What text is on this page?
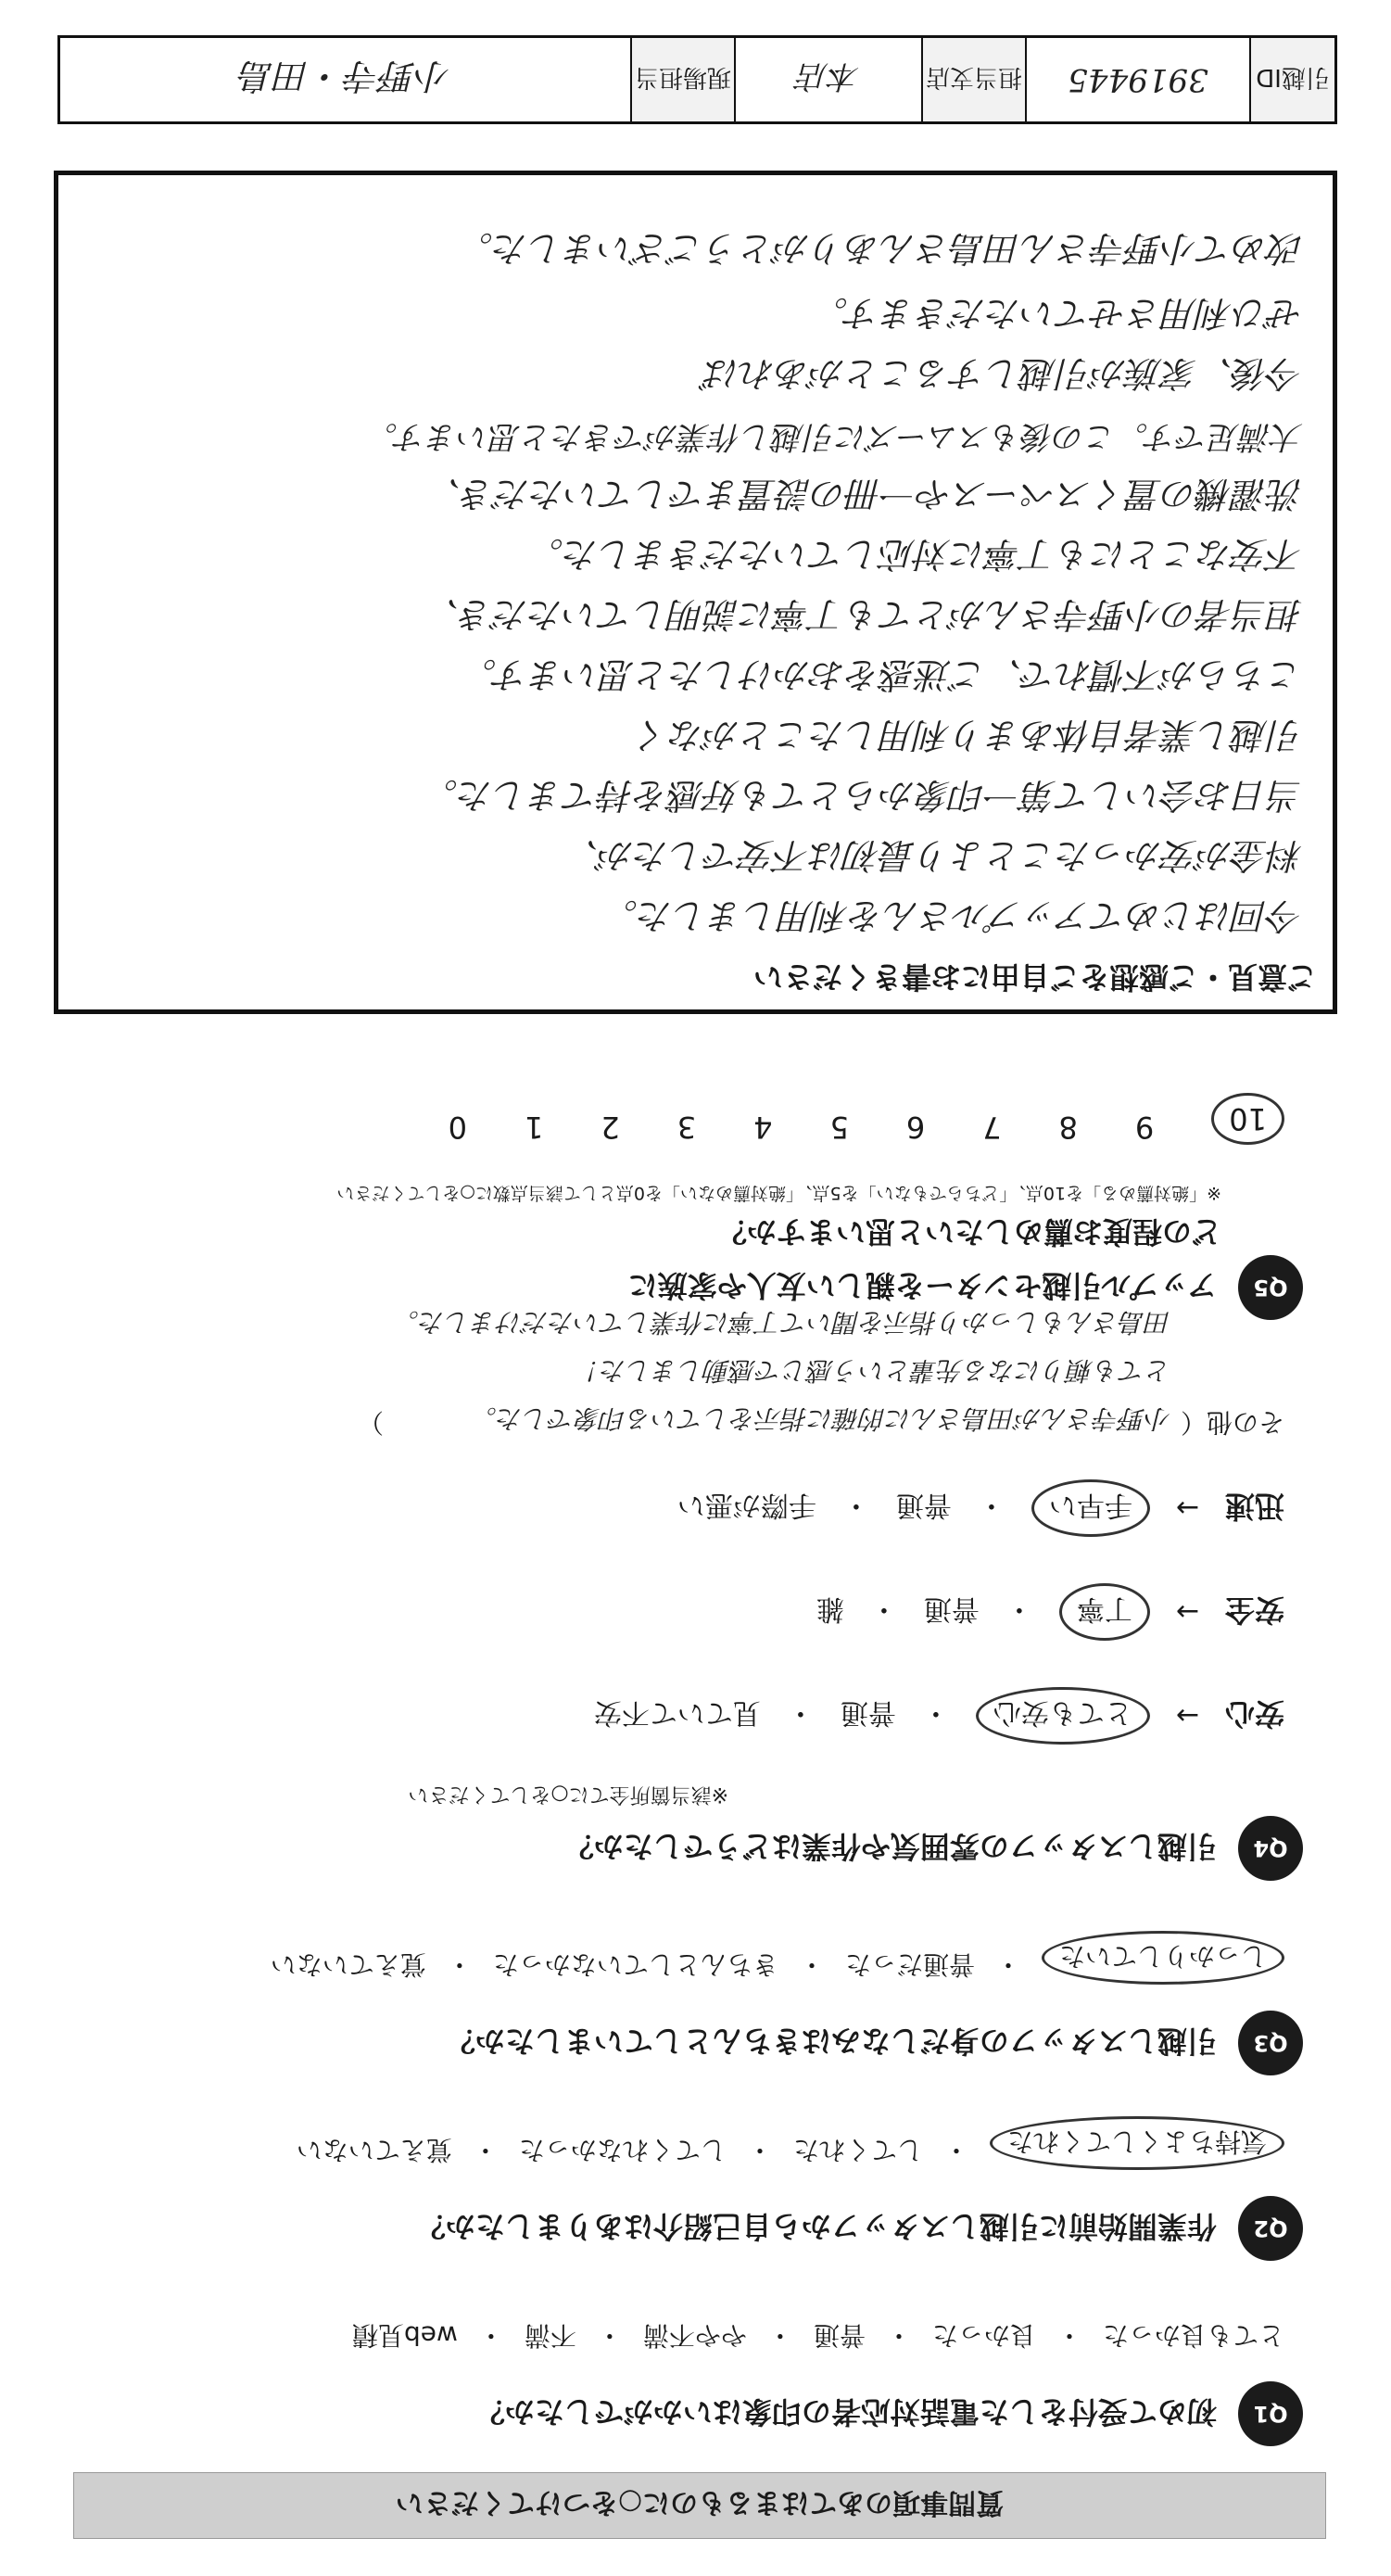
質問事項のあてはまるものに○をつけてください
Q1 初めて受付をした電話対応者の印象はいかがでしたか？
とても良かった
・
良かった
・
普通
・
やや不満
・
不満
・
web見積
Q2 作業開始前に引越しスタッフから自己紹介はありましたか？
気持ちよくしてくれた
・
してくれた
・
してくれなかった
・
覚えていない
Q3 引越しスタッフの身だしなみはきちんとしていましたか？
しっかりしていた
・
普通だった
・
きちんとしていなかった
・
覚えていない
Q4 引越しスタッフの雰囲気や作業はどうでしたか？
※該当箇所全てに○をしてください
安心
→
とても安心
・
普通
・
見ていて不安
安全
→
丁寧
・
普通
・
雑
迅速
→
手早い
・
普通
・
手際が悪い
その他（
小野寺さんが田島さんに的確に指示をしている印象でした。
とても頼りになる先輩という感じで感動しました！
田島さんもしっかり指示を聞いて丁寧に作業していただけました。
）
Q5 アップル引越センターを親しい友人や家族に
どの程度お薦めしたいと思いますか？
※「絶対薦める」を10点、「どちらでもない」を5点、「絶対薦めない」を0点として該当点数に○をしてください
10
9
8
7
6
5
4
3
2
1
0
ご意見・ご感想をご自由にお書きください
今回はじめてアップルさんを利用しました。
料金が安かったことより最初は不安でしたが、
当日お会いして第一印象からとても好感を持てました。
引越し業者自体あまり利用したことがなく
こちらが不慣れで、ご迷惑をおかけしたと思います。
担当者の小野寺さんがとても丁寧に説明していただき、
不安なことにも丁寧に対応していただきました。
洗濯機の置くスペースや一冊の設置までしていただき、
大満足です。この後もスムーズに引越し作業ができたと思います。
今後、家族が引越しすることがあれば
ぜひ利用させていただきます。
改めて小野寺さん田島さんありがとうございました。
引越ID
3919445
担当支店
本店
現場担当
小野寺・田島
